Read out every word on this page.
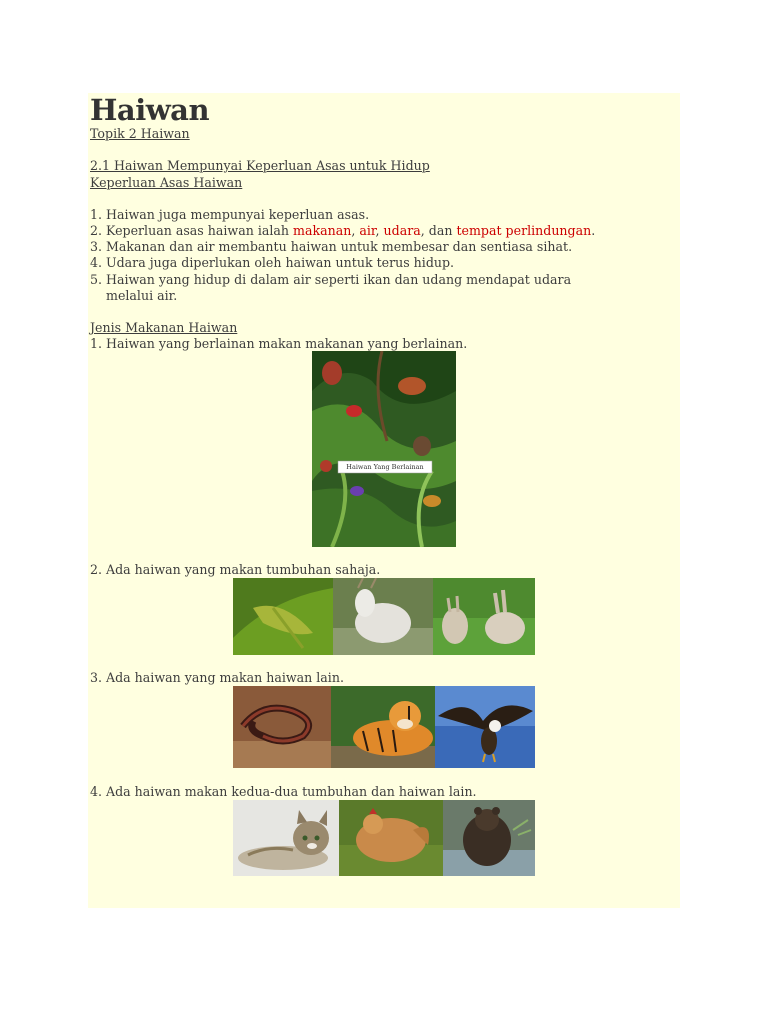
Haiwan
Topik 2 Haiwan
2.1 Haiwan Mempunyai Keperluan Asas untuk Hidup
Keperluan Asas Haiwan
1. Haiwan juga mempunyai keperluan asas.
2. Keperluan asas haiwan ialah makanan, air, udara, dan tempat perlindungan.
3. Makanan dan air membantu haiwan untuk membesar dan sentiasa sihat.
4. Udara juga diperlukan oleh haiwan untuk terus hidup.
5. Haiwan yang hidup di dalam air seperti ikan dan udang mendapat udara
melalui air.
Jenis Makanan Haiwan
1. Haiwan yang berlainan makan makanan yang berlainan.
Haiwan Yang Berlainan
2. Ada haiwan yang makan tumbuhan sahaja.
3. Ada haiwan yang makan haiwan lain.
4. Ada haiwan makan kedua-dua tumbuhan dan haiwan lain.
